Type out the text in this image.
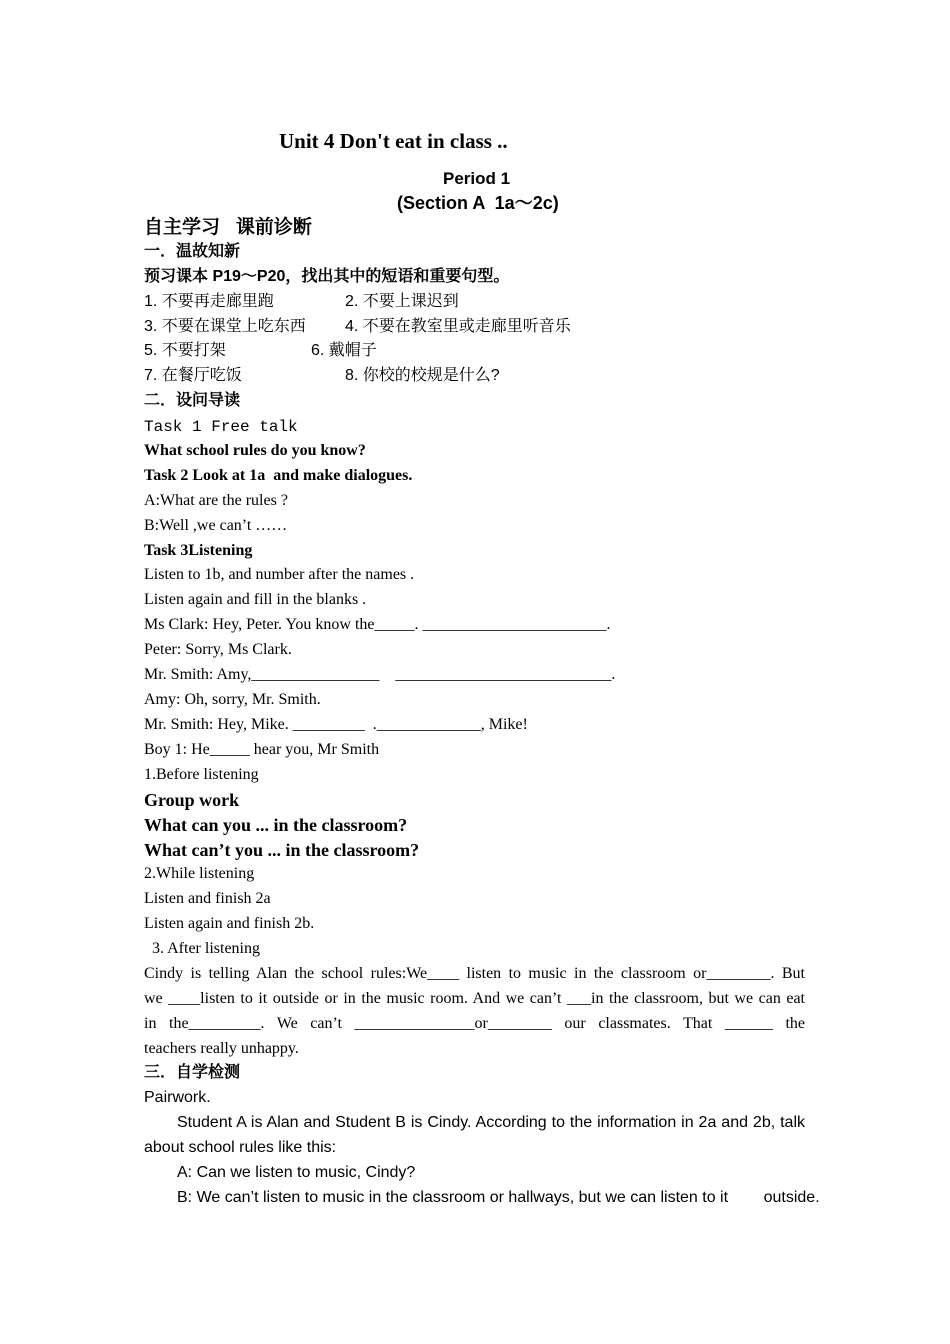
Unit 4 Don't eat in class ..

Period 1

(Section A  1a～2c)

自主学习   课前诊断

一．温故知新

预习课本 P19～P20，找出其中的短语和重要句型。

1. 不要再走廊里跑	2. 不要上课迟到

3. 不要在课堂上吃东西 4. 不要在教室里或走廊里听音乐

5. 不要打架	6. 戴帽子

7. 在餐厅吃饭	8. 你校的校规是什么?

二．设问导读

Task 1 Free talk

What school rules do you know?

Task 2 Look at 1a  and make dialogues.

A:What are the rules ?

B:Well ,we can’t ……

Task 3Listening

Listen to 1b, and number after the names .

Listen again and fill in the blanks .

Ms Clark: Hey, Peter. You know the_____. _______________________.

Peter: Sorry, Ms Clark.

Mr. Smith: Amy,________________    ___________________________.

Amy: Oh, sorry, Mr. Smith.

Mr. Smith: Hey, Mike. _________  ._____________, Mike!

Boy 1: He_____ hear you, Mr Smith

1.Before listening

Group work

What can you ... in the classroom?

What can’t you ... in the classroom?

2.While listening

Listen and finish 2a

Listen again and finish 2b.

3. After listening

Cindy is telling Alan the school rules:We____ listen to music in the classroom or________. But

we ____listen to it outside or in the music room. And we can’t ___in the classroom, but we can eat

in the_________. We can’t _______________or________ our classmates. That ______ the

teachers really unhappy.

三．自学检测

Pairwork.

Student A is Alan and Student B is Cindy. According to the information in 2a and 2b, talk

about school rules like this:

A: Can we listen to music, Cindy?

B: We can’t listen to music in the classroom or hallways, but we can listen to it        outside.
